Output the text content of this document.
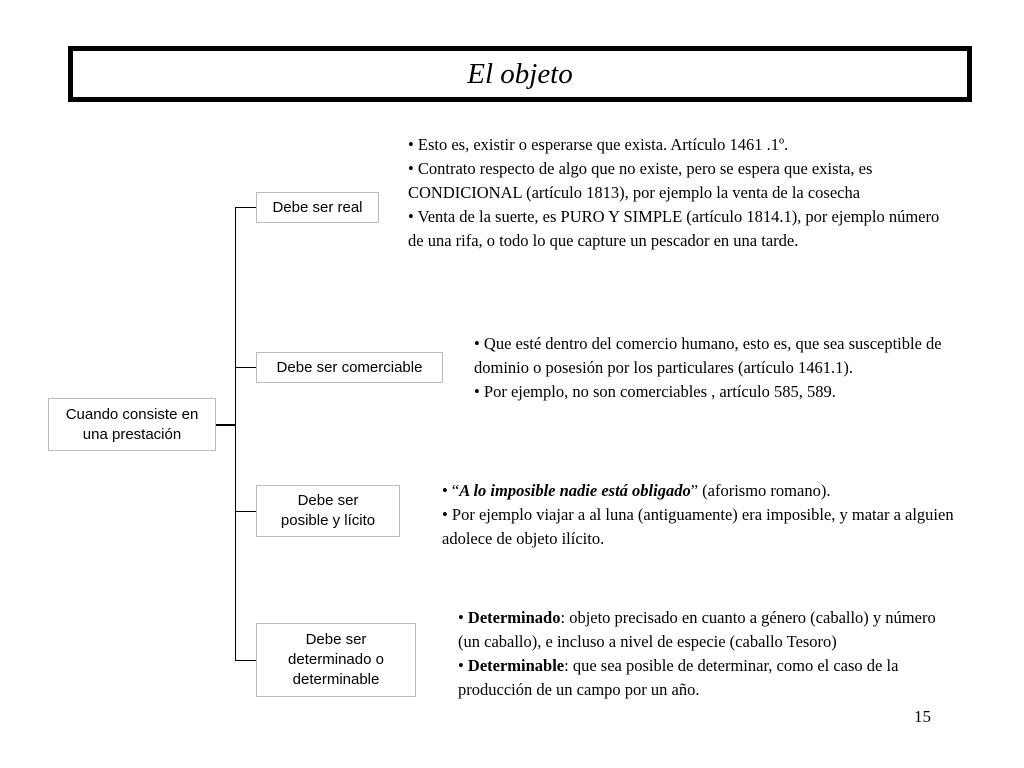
El objeto
Cuando consiste en una prestación
Debe ser real
Debe ser comerciable
Debe ser posible y lícito
Debe ser determinado o determinable

• Esto es, existir o esperarse que exista. Artículo 1461 .1º.

• Contrato respecto de algo que no existe, pero se espera que exista, es CONDICIONAL (artículo 1813), por ejemplo la venta de la cosecha

• Venta de la suerte, es PURO Y SIMPLE (artículo 1814.1), por ejemplo número de una rifa, o todo lo que capture un pescador en una tarde.

• Que esté dentro del comercio humano, esto es, que sea susceptible de dominio o posesión por los particulares (artículo 1461.1).

• Por ejemplo, no son comerciables , artículo 585, 589.

• “A lo imposible nadie está obligado” (aforismo romano).

• Por ejemplo viajar a al luna (antiguamente) era imposible, y matar a alguien adolece de objeto ilícito.

• Determinado: objeto precisado en cuanto a género (caballo) y número (un caballo), e incluso a nivel de especie (caballo Tesoro)

• Determinable: que sea posible de determinar, como el caso de la producción de un campo por un año.

15
